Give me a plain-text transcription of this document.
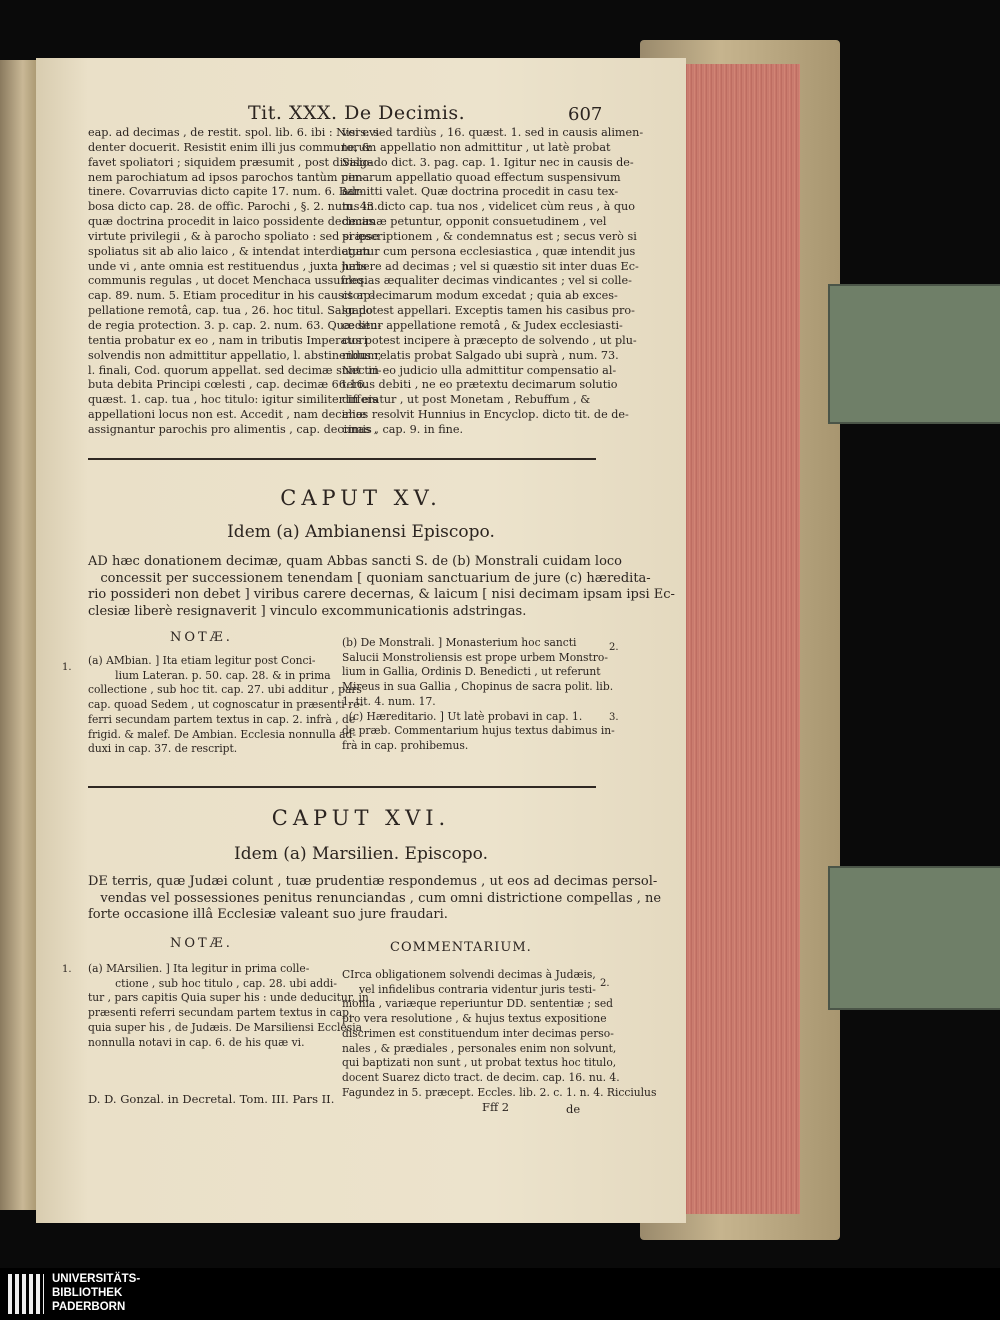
Tit. XXX. De Decimis.	607
eap. ad decimas , de restit. spol. lib. 6. ibi : Nisi evi-
denter docuerit. Resistit enim illi jus commune, &
favet spoliatori ; siquidem præsumit , post divisio-
nem parochiatum ad ipsos parochos tantùm per-
tinere. Covarruvias dicto capite 17. num. 6. Bar-
bosa dicto cap. 28. de offic. Parochi , §. 2. num. 43.
quæ doctrina procedit in laico possidente decimas
virtute privilegii , & à parocho spoliato : sed si ipse
spoliatus sit ab alio laico , & intendat interdictum
unde vi , ante omnia est restituendus , juxta juris
communis regulas , ut docet Menchaca ussufreq.
cap. 89. num. 5. Etiam proceditur in his causis ap-
pellatione remotâ, cap. tua , 26. hoc titul. Salgado
de regia protection. 3. p. cap. 2. num. 63. Quæ sen-
tentia probatur ex eo , nam in tributis Imperatori
solvendis non admittitur appellatio, l. abstinendum,
l. finali, Cod. quorum appellat. sed decimæ sunt tri-
buta debita Principi cœlesti , cap. decimæ 66.16.
quæst. 1. cap. tua , hoc titulo: igitur similiter in eis
appellationi locus non est. Accedit , nam decimæ
assignantur parochis pro alimentis , cap. decimas ,
vers. sed tardiùs , 16. quæst. 1. sed in causis alimen-
torum appellatio non admittitur , ut latè probat
Salgado dict. 3. pag. cap. 1. Igitur nec in causis de-
cimarum appellatio quoad effectum suspensivum
admitti valet. Quæ doctrina procedit in casu tex-
tus in dicto cap. tua nos , videlicet cùm reus , à quo
decimæ petuntur, opponit consuetudinem , vel
præscriptionem , & condemnatus est ; secus verò si
agatur cum persona ecclesiastica , quæ intendit jus
habere ad decimas ; vel si quæstio sit inter duas Ec-
clesias æqualiter decimas vindicantes ; vel si colle-
ctor decimarum modum excedat ; quia ab exces-
su potest appellari. Exceptis tamen his casibus pro-
ceditur appellatione remotâ , & Judex ecclesiasti-
cus potest incipere à præcepto de solvendo , ut plu-
ribus relatis probat Salgado ubi suprà , num. 73.
Nec in eo judicio ulla admittitur compensatio al-
terius debiti , ne eo prætextu decimarum solutio
differatur , ut post Monetam , Rebuffum , &
alios resolvit Hunnius in Encyclop. dicto tit. de de-
cimis , cap. 9. in fine.
CAPUT XV.
Idem (a) Ambianensi Episcopo.
AD hæc donationem decimæ, quam Abbas sancti S. de (b) Monstrali cuidam loco
concessit per successionem tenendam [ quoniam sanctuarium de jure (c) hæredita-
rio possideri non debet ] viribus carere decernas, & laicum [ nisi decimam ipsam ipsi Ec-
clesiæ liberè resignaverit ] vinculo excommunicationis adstringas.
NOTÆ.
(a) AMbian. ] Ita etiam legitur post Conci-
lium Lateran. p. 50. cap. 28. & in prima
collectione , sub hoc tit. cap. 27. ubi additur , pars
cap. quoad Sedem , ut cognoscatur in præsenti re-
ferri secundam partem textus in cap. 2. infrà , de
frigid. & malef. De Ambian. Ecclesia nonnulla ad-
duxi in cap. 37. de rescript.
(b) De Monstrali. ] Monasterium hoc sancti
Salucii Monstroliensis est prope urbem Monstro-
lium in Gallia, Ordinis D. Benedicti , ut referunt
Mireus in sua Gallia , Chopinus de sacra polit. lib.
1. tit. 4. num. 17.
(c) Hæreditario. ] Ut latè probavi in cap. 1.
de præb. Commentarium hujus textus dabimus in-
frà in cap. prohibemus.
CAPUT XVI.
Idem (a) Marsilien. Episcopo.
DE terris, quæ Judæi colunt , tuæ prudentiæ respondemus , ut eos ad decimas persol-
vendas vel possessiones penitus renunciandas , cum omni districtione compellas , ne
forte occasione illâ Ecclesiæ valeant suo jure fraudari.
NOTÆ.	COMMENTARIUM.
(a) MArsilien. ] Ita legitur in prima colle-
ctione , sub hoc titulo , cap. 28. ubi addi-
tur , pars capitis Quia super his : unde deducitur, in
præsenti referri secundam partem textus in cap.
quia super his , de Judæis. De Marsiliensi Ecclesia
nonnulla notavi in cap. 6. de his quæ vi.
CIrca obligationem solvendi decimas à Judæis,
vel infidelibus contraria videntur juris testi-
monia , variæque reperiuntur DD. sententiæ ; sed
pro vera resolutione , & hujus textus expositione
discrimen est constituendum inter decimas perso-
nales , & prædiales , personales enim non solvunt,
qui baptizati non sunt , ut probat textus hoc titulo,
docent Suarez dicto tract. de decim. cap. 16. nu. 4.
Fagundez in 5. præcept. Eccles. lib. 2. c. 1. n. 4. Ricciulus
D. D. Gonzal. in Decretal. Tom. III. Pars II.
Fff 2	de
1.
2.
3.
1.
2.
UNIVERSITÄTS-
BIBLIOTHEK
PADERBORN
